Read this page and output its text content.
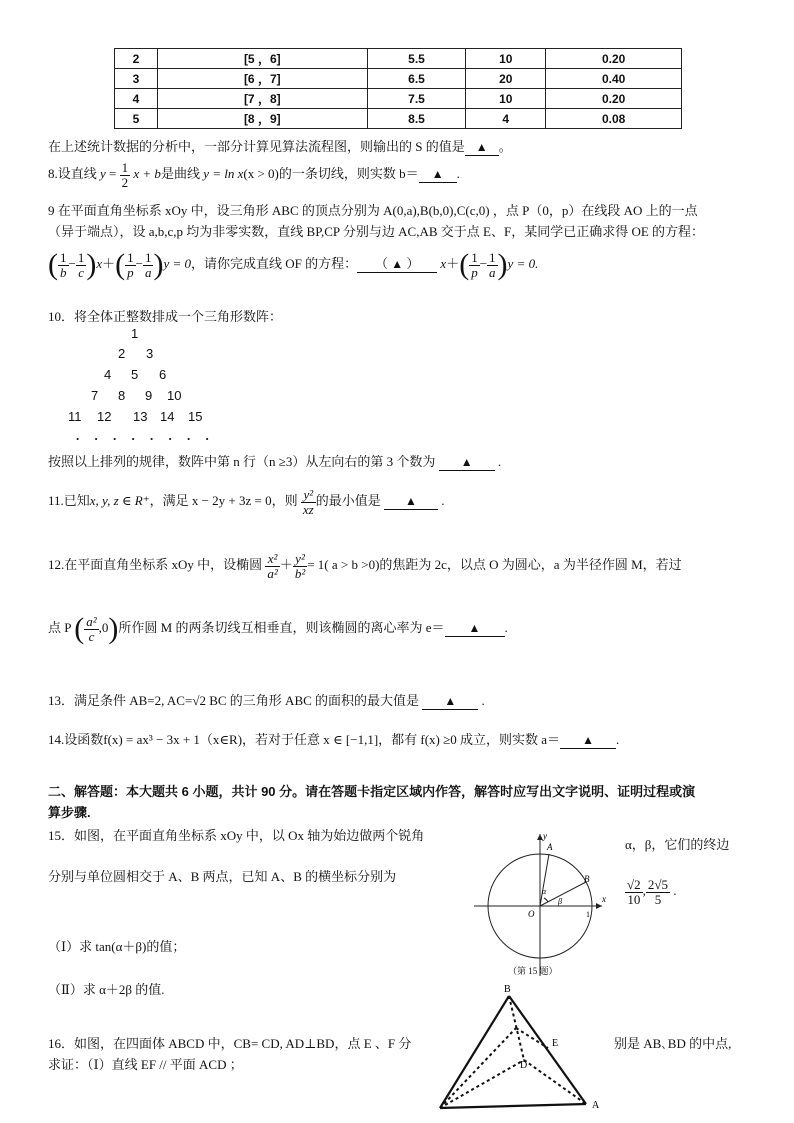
2	[5 ，6]	5.5	10	0.20
3	[6 ，7]	6.5	20	0.40
4	[7 ，8]	7.5	10	0.20
5	[8 ，9]	8.5	4	0.08
在上述统计数据的分析中，一部分计算见算法流程图，则输出的 S 的值是 ▲ 。
8.设直线 $y = \frac{1}{2}$ x + b是曲线 y = ln x(x > 0)的一条切线，则实数 b＝ ▲ .
9 在平面直角坐标系 xOy 中，设三角形 ABC 的顶点分别为 A(0,a),B(b,0),C(c,0) ，点 P（0，p）在线段 AO 上的一点
（异于端点），设 a,b,c,p 均为非零实数，直线 BP,CP 分别与边 AC,AB 交于点 E、F，某同学已正确求得 OE 的方程：
( $\frac{1}{b} - \frac{1}{c} )x+( \frac{1}{p} - \frac{1}{a} )y = 0$，请你完成直线 OF 的方程： （ ▲ ） $x+( \frac{1}{p} - \frac{1}{a} )y = 0$.
10．将全体正整数排成一个三角形数阵：
1
2 3
4 5 6
7 8 9 10
11 12 13 14 15
. . . . . . . .
按照以上排列的规律，数阵中第 n 行（n ≥3）从左向右的第 3 个数为 ▲ .
11.已知x, y, z ∈ R⁺，满足 x − 2y + 3z = 0，则 $\frac{\text{y²}}{xz}$ 的最小值是 ▲ .
12.在平面直角坐标系 xOy 中，设椭圆 $\frac{\text{x²}}{\text{a²}} + \frac{\text{y²}}{\text{b²}} = 1$( a > b >0)的焦距为 2c，以点 O 为圆心，a 为半径作圆 M，若过
点 P ( $\frac{\text{a²}}{c} ,0$)所作圆 M 的两条切线互相垂直，则该椭圆的离心率为 e＝ ▲ .
13．满足条件 AB=2, AC=√2 BC 的三角形 ABC 的面积的最大值是 ▲ .
14.设函数f(x) = ax³ − 3x + 1（x∈R)，若对于任意 x ∈ [−1,1]，都有 f(x) ≥0 成立，则实数 a＝ ▲ .
二、解答题：本大题共 6 小题，共计 90 分。请在答题卡指定区域内作答，解答时应写出文字说明、证明过程或演
算步骤.
15．如图，在平面直角坐标系 xOy 中，以 Ox 轴为始边做两个锐角
α，β，它们的终边
分别与单位圆相交于 A、B 两点，已知 A、B 的横坐标分别为
$\frac{√2}{10}$ , $\frac{2√5}{5}$ .
（Ⅰ）求 tan(α＋β)的值；
（Ⅱ）求 α＋2β 的值.
y
A
B
O
x
1
α
β
（第 15 题）
16．如图，在四面体 ABCD 中，CB= CD, AD⊥BD，点 E 、F 分	别是 AB､BD 的中点,
求证：（Ⅰ）直线 EF // 平面 ACD ；
B
E
D
A
